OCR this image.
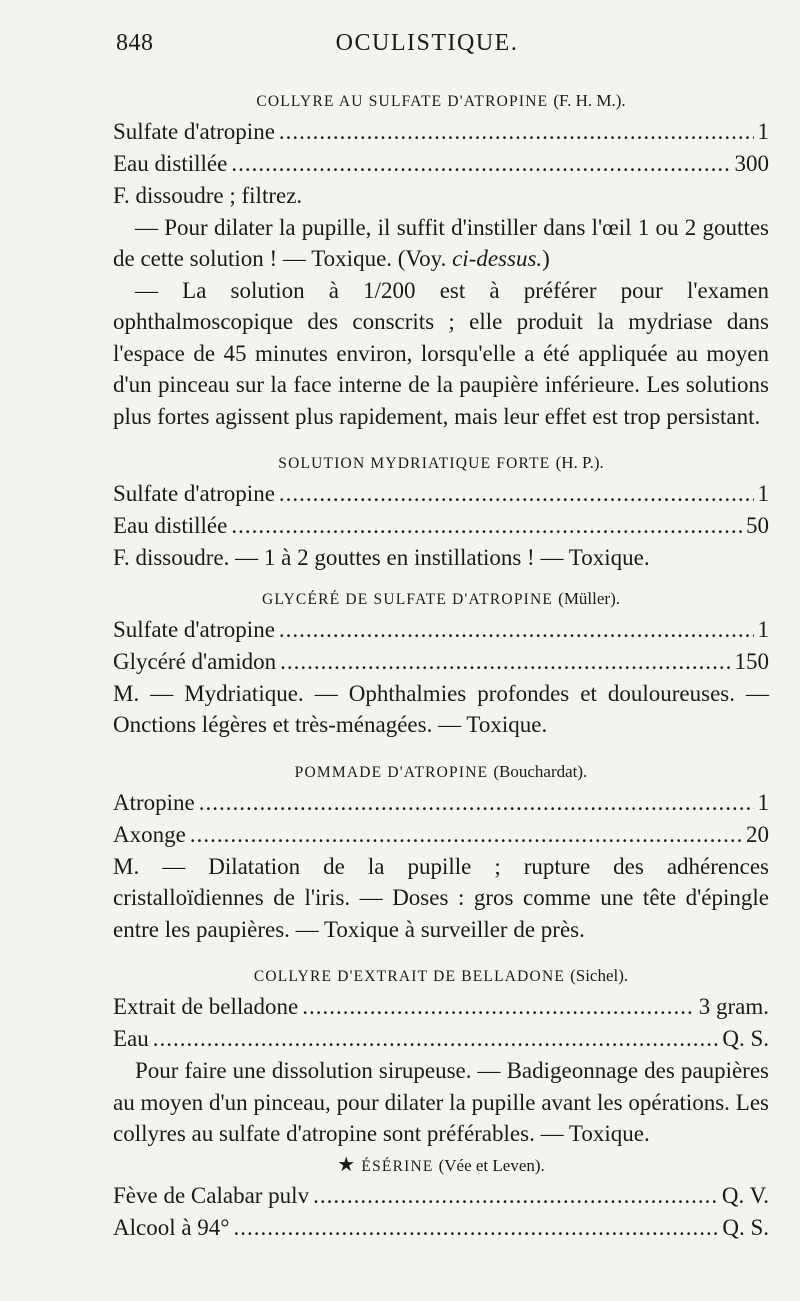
848	OCULISTIQUE.
COLLYRE AU SULFATE D'ATROPINE (F. H. M.).
Sulfate d'atropine .....	1
Eau distillée .....	300

F. dissoudre ; filtrez.

— Pour dilater la pupille, il suffit d'instiller dans l'œil 1 ou 2 gouttes de cette solution ! — Toxique. (Voy. ci-dessus.)

— La solution à 1/200 est à préférer pour l'examen ophthalmoscopique des conscrits ; elle produit la mydriase dans l'espace de 45 minutes environ, lorsqu'elle a été appliquée au moyen d'un pinceau sur la face interne de la paupière inférieure. Les solutions plus fortes agissent plus rapidement, mais leur effet est trop persistant.

SOLUTION MYDRIATIQUE FORTE (H. P.).
Sulfate d'atropine .....	1
Eau distillée .....	50

F. dissoudre. — 1 à 2 gouttes en instillations ! — Toxique.

GLYCÉRÉ DE SULFATE D'ATROPINE (Müller).
Sulfate d'atropine .....	1
Glycéré d'amidon .....	150

M. — Mydriatique. — Ophthalmies profondes et douloureuses. — Onctions légères et très-ménagées. — Toxique.

POMMADE D'ATROPINE (Bouchardat).
Atropine .....	1
Axonge .....	20

M. — Dilatation de la pupille ; rupture des adhérences cristalloïdiennes de l'iris. — Doses : gros comme une tête d'épingle entre les paupières. — Toxique à surveiller de près.

COLLYRE D'EXTRAIT DE BELLADONE (Sichel).
Extrait de belladone .....	3 gram.
Eau .....	Q. S.

Pour faire une dissolution sirupeuse. — Badigeonnage des paupières au moyen d'un pinceau, pour dilater la pupille avant les opérations. Les collyres au sulfate d'atropine sont préférables. — Toxique.

★ ÉSÉRINE (Vée et Leven).
Fève de Calabar pulv .....	Q. V.
Alcool à 94° .....	Q. S.
